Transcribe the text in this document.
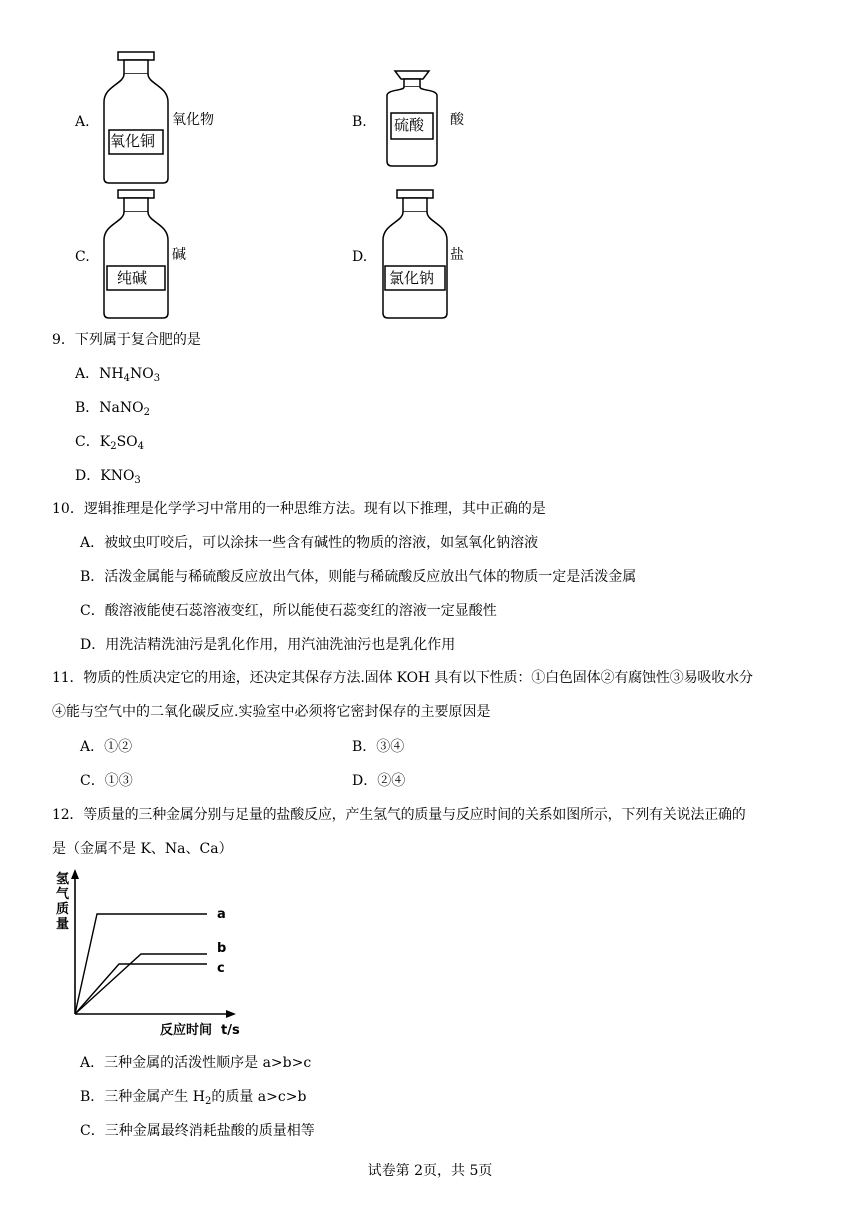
A.
氧化铜
氧化物	B. 硫酸 酸
C.
纯碱
碱	D.
氯化钠
盐
9．下列属于复合肥的是
A．$NH_4NO_3$
B．NaNO$_2$
C．$K_2SO_4$
D．$KNO_3$
10．逻辑推理是化学学习中常用的一种思维方法。现有以下推理，其中正确的是
A．被蚊虫叮咬后，可以涂抹一些含有碱性的物质的溶液，如氢氧化钠溶液
B．活泼金属能与稀硫酸反应放出气体，则能与稀硫酸反应放出气体的物质一定是活泼金属
C．酸溶液能使石蕊溶液变红，所以能使石蕊变红的溶液一定显酸性
D．用洗洁精洗油污是乳化作用，用汽油洗油污也是乳化作用
11．物质的性质决定它的用途，还决定其保存方法.固体 KOH 具有以下性质：①白色固体②有腐蚀性③易吸收水分
④能与空气中的二氧化碳反应.实验室中必须将它密封保存的主要原因是
A．①②	B．③④
C．①③	D．②④
12．等质量的三种金属分别与足量的盐酸反应，产生氢气的质量与反应时间的关系如图所示，下列有关说法正确的
是（金属不是 K、Na、Ca）
a
b
c
氢气质量
反应时间  t/s
A．三种金属的活泼性顺序是 a>b>c
B．三种金属产生 $H_2$的质量 a>c>b
C．三种金属最终消耗盐酸的质量相等
试卷第 2页，共 5页
